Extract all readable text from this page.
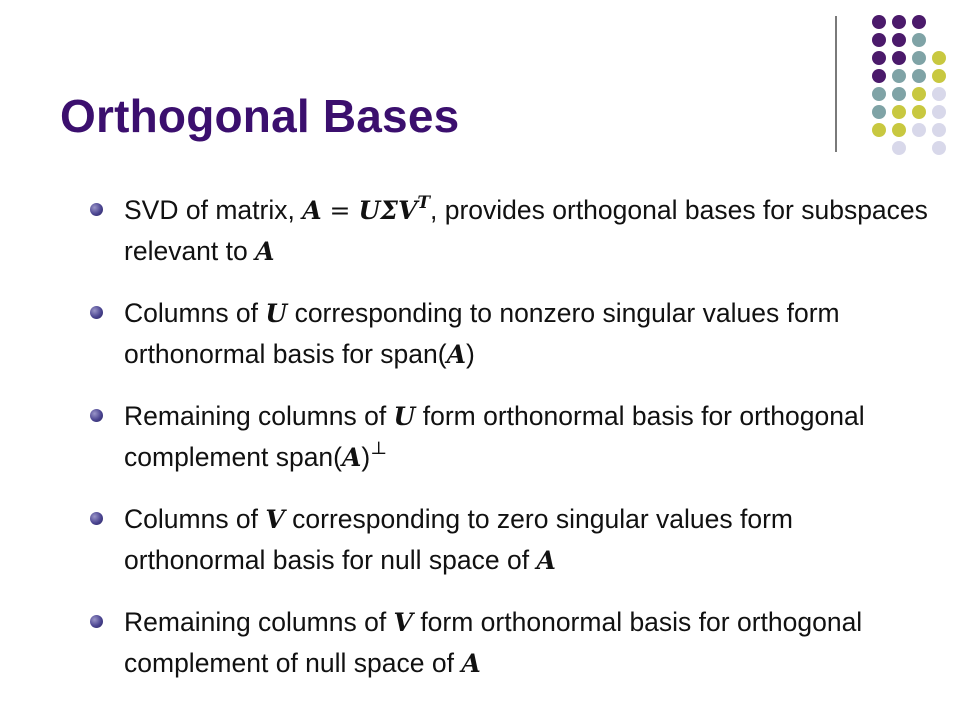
Orthogonal Bases
SVD of matrix, $A = U\Sigma V^T$, provides orthogonal bases for subspaces relevant to A
Columns of U corresponding to nonzero singular values form orthonormal basis for span(A)
Remaining columns of U form orthonormal basis for orthogonal complement span(A)⊥
Columns of V corresponding to zero singular values form orthonormal basis for null space of A
Remaining columns of V form orthonormal basis for orthogonal complement of null space of A
